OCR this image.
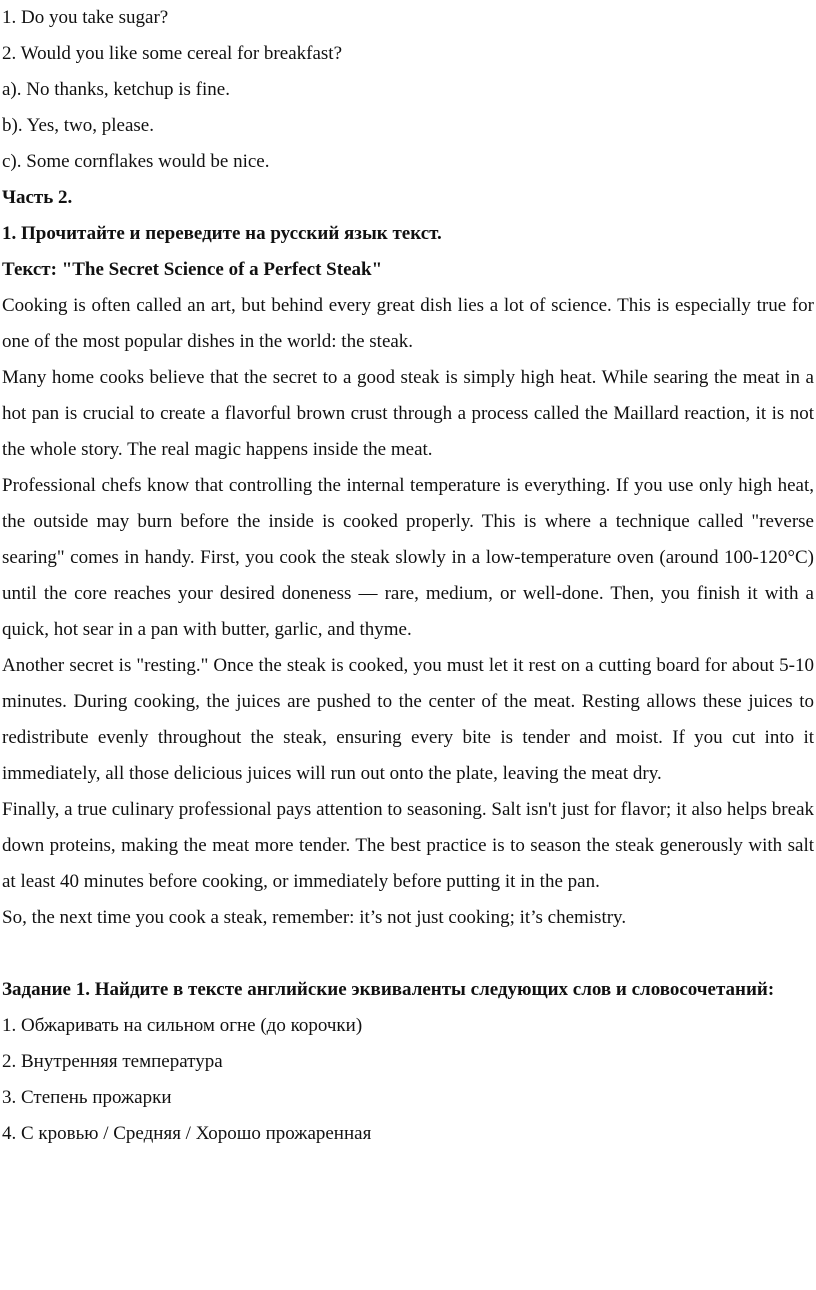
1. Do you take sugar?

2. Would you like some cereal for breakfast?

a). No thanks, ketchup is fine.

b). Yes, two, please.

c). Some cornflakes would be nice.

Часть 2.

1. Прочитайте и переведите на русский язык текст.

Текст: "The Secret Science of a Perfect Steak"

Cooking is often called an art, but behind every great dish lies a lot of science. This is especially true for one of the most popular dishes in the world: the steak.

Many home cooks believe that the secret to a good steak is simply high heat. While searing the meat in a hot pan is crucial to create a flavorful brown crust through a process called the Maillard reaction, it is not the whole story. The real magic happens inside the meat.

Professional chefs know that controlling the internal temperature is everything. If you use only high heat, the outside may burn before the inside is cooked properly. This is where a technique called "reverse searing" comes in handy. First, you cook the steak slowly in a low-temperature oven (around 100-120°C) until the core reaches your desired doneness — rare, medium, or well-done. Then, you finish it with a quick, hot sear in a pan with butter, garlic, and thyme.

Another secret is "resting." Once the steak is cooked, you must let it rest on a cutting board for about 5-10 minutes. During cooking, the juices are pushed to the center of the meat. Resting allows these juices to redistribute evenly throughout the steak, ensuring every bite is tender and moist. If you cut into it immediately, all those delicious juices will run out onto the plate, leaving the meat dry.

Finally, a true culinary professional pays attention to seasoning. Salt isn't just for flavor; it also helps break down proteins, making the meat more tender. The best practice is to season the steak generously with salt at least 40 minutes before cooking, or immediately before putting it in the pan.

So, the next time you cook a steak, remember: it’s not just cooking; it’s chemistry.

Задание 1. Найдите в тексте английские эквиваленты следующих слов и словосочетаний:

1. Обжаривать на сильном огне (до корочки)

2. Внутренняя температура

3. Степень прожарки

4. С кровью / Средняя / Хорошо прожаренная
